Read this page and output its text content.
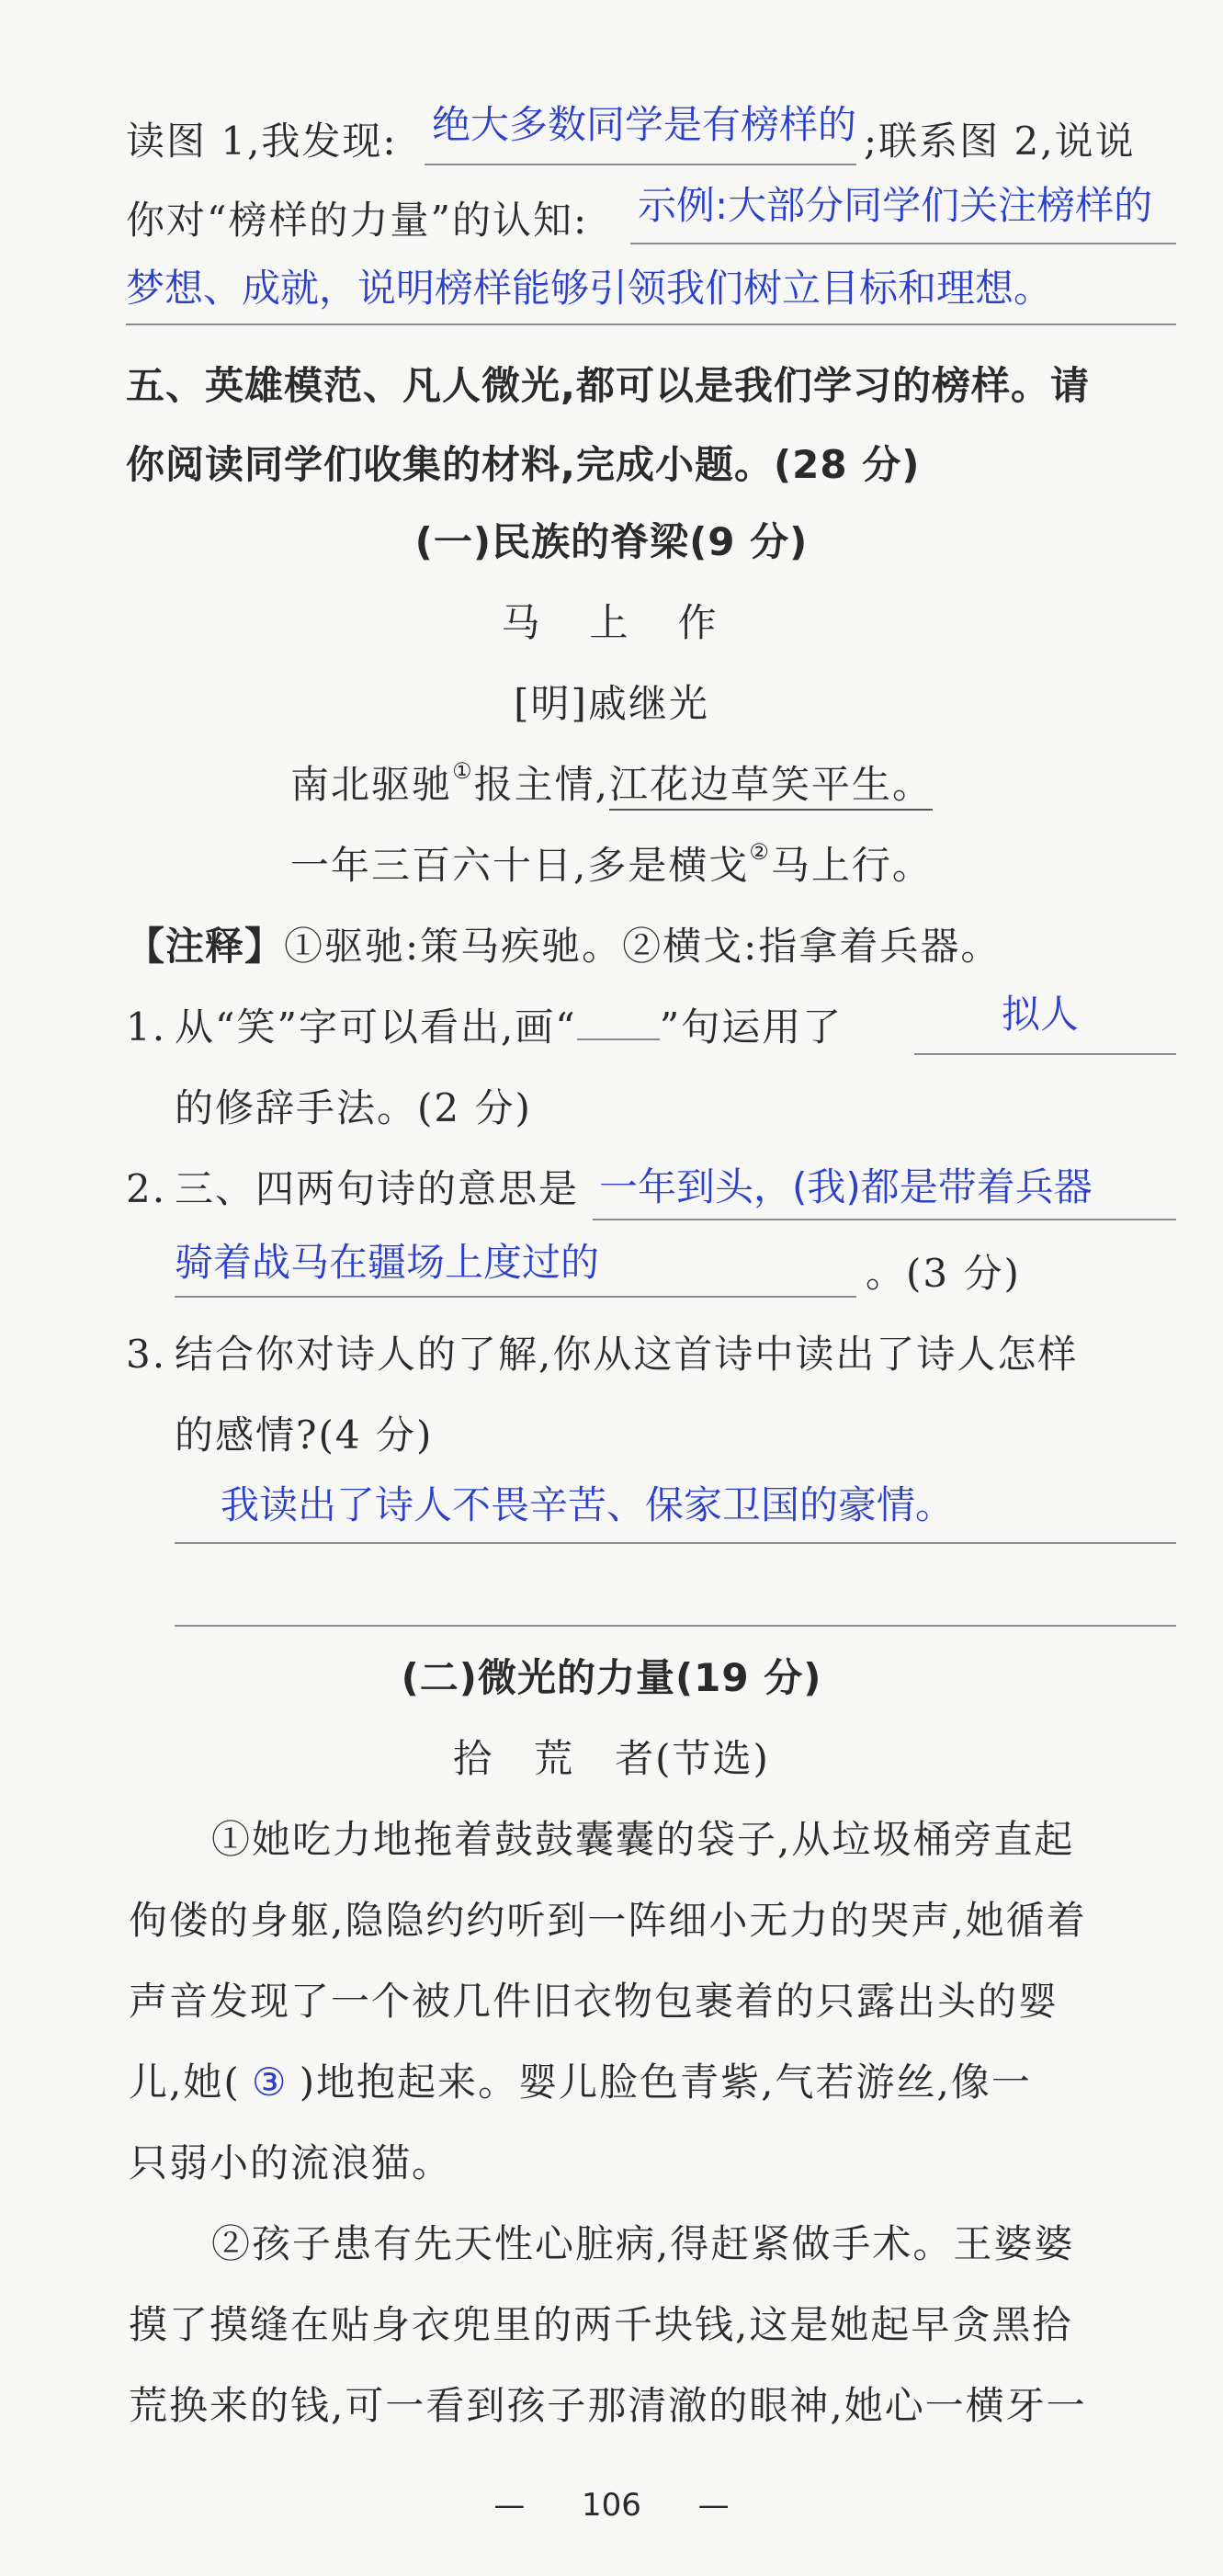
读图 1,我发现: 绝大多数同学是有榜样的 ;联系图 2,说说
你对“榜样的力量”的认知: 示例:大部分同学们关注榜样的
梦想、成就，说明榜样能够引领我们树立目标和理想。
五、英雄模范、凡人微光,都可以是我们学习的榜样。请
你阅读同学们收集的材料,完成小题。(28 分)
(一)民族的脊梁(9 分)
马　上　作
[明]戚继光
南北驱驰①报主情,江花边草笑平生。
一年三百六十日,多是横戈②马上行。
【注释】①驱驰:策马疾驰。②横戈:指拿着兵器。
1. 从“笑”字可以看出,画“ ”句运用了	拟人
的修辞手法。(2 分)
2. 三、四两句诗的意思是 一年到头，(我)都是带着兵器
骑着战马在疆场上度过的	。(3 分)
3. 结合你对诗人的了解,你从这首诗中读出了诗人怎样
的感情?(4 分)
我读出了诗人不畏辛苦、保家卫国的豪情。
(二)微光的力量(19 分)
拾　荒　者(节选)
①她吃力地拖着鼓鼓囊囊的袋子,从垃圾桶旁直起
佝偻的身躯,隐隐约约听到一阵细小无力的哭声,她循着
声音发现了一个被几件旧衣物包裹着的只露出头的婴
儿,她( ③ )地抱起来。婴儿脸色青紫,气若游丝,像一
只弱小的流浪猫。
②孩子患有先天性心脏病,得赶紧做手术。王婆婆
摸了摸缝在贴身衣兜里的两千块钱,这是她起早贪黑拾
荒换来的钱,可一看到孩子那清澈的眼神,她心一横牙一
— 106 —
